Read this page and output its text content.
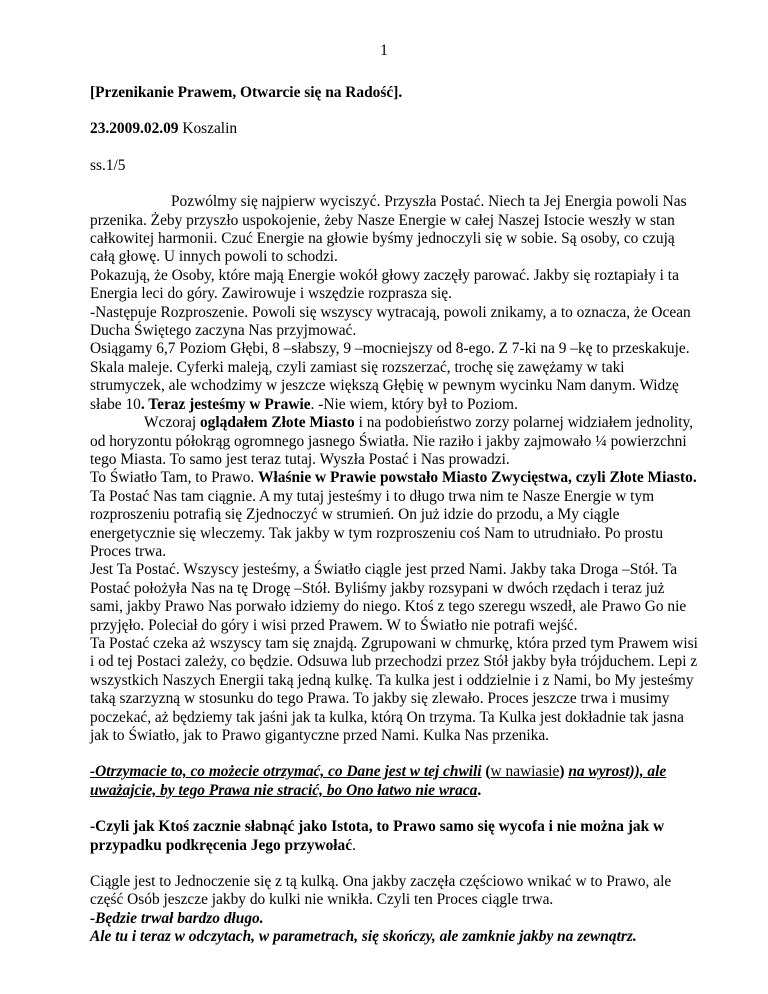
1

[Przenikanie Prawem, Otwarcie się na Radość].

23.2009.02.09 Koszalin

ss.1/5

Pozwólmy się najpierw wyciszyć. Przyszła Postać. Niech ta Jej Energia powoli Nas przenika. Żeby przyszło uspokojenie, żeby Nasze Energie w całej Naszej Istocie weszły w stan całkowitej harmonii. Czuć Energie na głowie byśmy jednoczyli się w sobie. Są osoby, co czują całą głowę. U innych powoli to schodzi.

Pokazują, że Osoby, które mają Energie wokół głowy zaczęły parować. Jakby się roztapiały i ta Energia leci do góry. Zawirowuje i wszędzie rozprasza się.

-Następuje Rozproszenie. Powoli się wszyscy wytracają, powoli znikamy, a to oznacza, że Ocean Ducha Świętego zaczyna Nas przyjmować.

Osiągamy 6,7 Poziom Głębi, 8 –słabszy, 9 –mocniejszy od 8-ego. Z 7-ki na 9 –kę to przeskakuje. Skala maleje. Cyferki maleją, czyli zamiast się rozszerzać, trochę się zawężamy w taki strumyczek, ale wchodzimy w jeszcze większą Głębię w pewnym wycinku Nam danym. Widzę słabe 10. Teraz jesteśmy w Prawie. -Nie wiem, który był to Poziom.

Wczoraj oglądałem Złote Miasto i na podobieństwo zorzy polarnej widziałem jednolity, od horyzontu półokrąg ogromnego jasnego Światła. Nie raziło i jakby zajmowało ¼ powierzchni tego Miasta. To samo jest teraz tutaj. Wyszła Postać i Nas prowadzi.

To Światło Tam, to Prawo. Właśnie w Prawie powstało Miasto Zwycięstwa, czyli Złote Miasto.

Ta Postać Nas tam ciągnie. A my tutaj jesteśmy i to długo trwa nim te Nasze Energie w tym rozproszeniu potrafią się Zjednoczyć w strumień. On już idzie do przodu, a My ciągle energetycznie się wleczemy. Tak jakby w tym rozproszeniu coś Nam to utrudniało. Po prostu Proces trwa.

Jest Ta Postać. Wszyscy jesteśmy, a Światło ciągle jest przed Nami. Jakby taka Droga –Stół. Ta Postać położyła Nas na tę Drogę –Stół. Byliśmy jakby rozsypani w dwóch rzędach i teraz już sami, jakby Prawo Nas porwało idziemy do niego. Ktoś z tego szeregu wszedł, ale Prawo Go nie przyjęło. Poleciał do góry i wisi przed Prawem. W to Światło nie potrafi wejść.

Ta Postać czeka aż wszyscy tam się znajdą. Zgrupowani w chmurkę, która przed tym Prawem wisi i od tej Postaci zależy, co będzie. Odsuwa lub przechodzi przez Stół jakby była trójduchem. Lepi z wszystkich Naszych Energii taką jedną kulkę. Ta kulka jest i oddzielnie i z Nami, bo My jesteśmy taką szarzyzną w stosunku do tego Prawa. To jakby się zlewało. Proces jeszcze trwa i musimy poczekać, aż będziemy tak jaśni jak ta kulka, którą On trzyma. Ta Kulka jest dokładnie tak jasna jak to Światło, jak to Prawo gigantyczne przed Nami. Kulka Nas przenika.

-Otrzymacie to, co możecie otrzymać, co Dane jest w tej chwili (w nawiasie) na wyrost)), ale uważajcie, by tego Prawa nie stracić, bo Ono łatwo nie wraca.

-Czyli jak Ktoś zacznie słabnąć jako Istota, to Prawo samo się wycofa i nie można jak w przypadku podkręcenia Jego przywołać.

Ciągle jest to Jednoczenie się z tą kulką. Ona jakby zaczęła częściowo wnikać w to Prawo, ale część Osób jeszcze jakby do kulki nie wnikła. Czyli ten Proces ciągle trwa.

-Będzie trwał bardzo długo.

Ale tu i teraz w odczytach, w parametrach, się skończy, ale zamknie jakby na zewnątrz.
